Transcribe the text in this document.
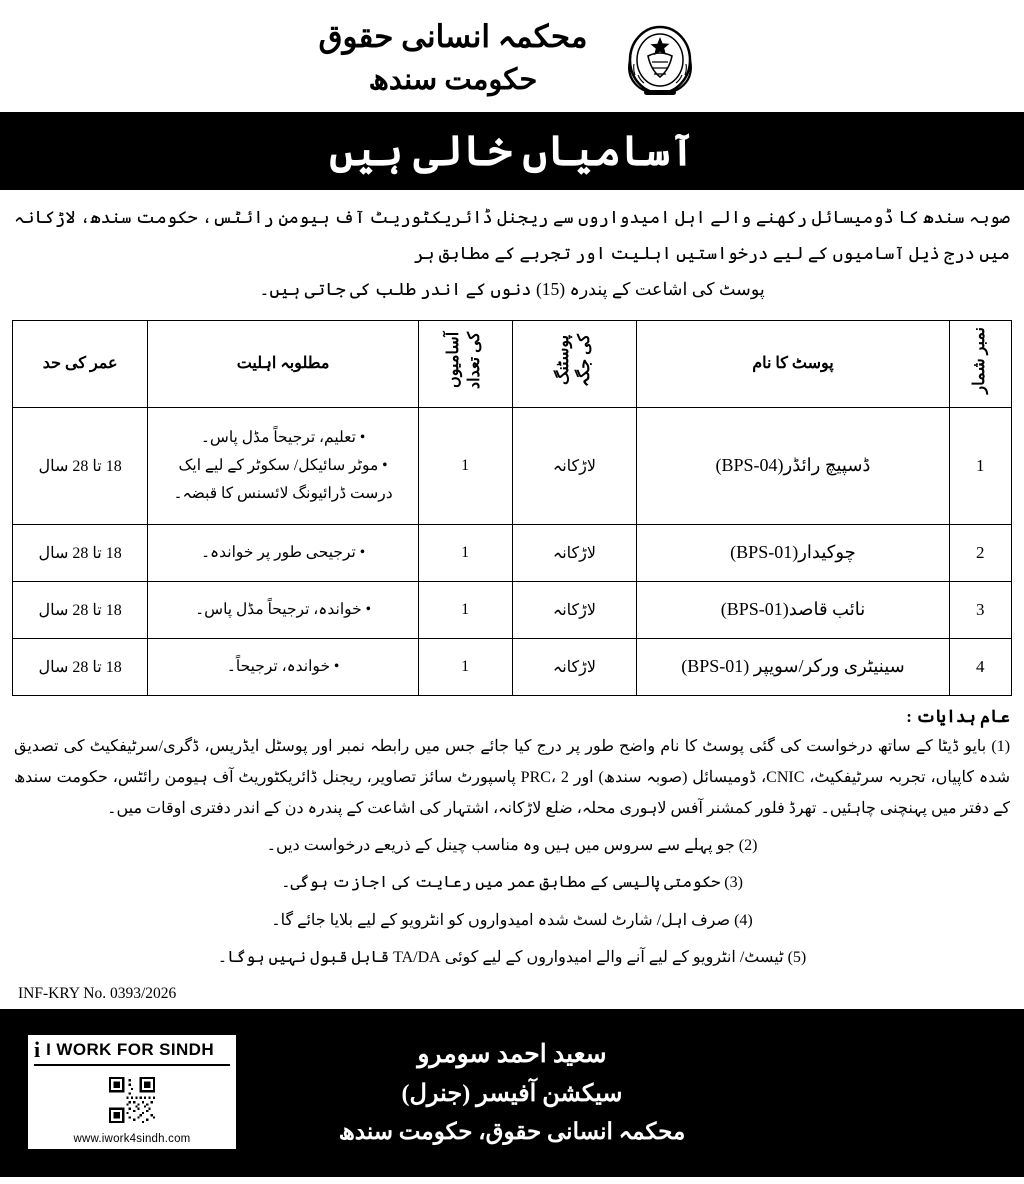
محکمہ انسانی حقوق
حکومت سندھ
آسامیاں خالی ہیں
صوبہ سندھ کا ڈومیسائل رکھنے والے اہل امیدواروں سے ریجنل ڈائریکٹوریٹ آف ہیومن رائٹس، حکومت سندھ، لاڑکانہ میں درج ذیل آسامیوں کے لیے درخواستیں اہلیت اور تجربے کے مطابق ہر
پوسٹ کی اشاعت کے پندرہ (15) دنوں کے اندر طلب کی جاتی ہیں۔
نمبر شمار	پوسٹ کا نام	پوسٹنگ کی جگہ	آسامیوں کی تعداد	مطلوبہ اہلیت	عمر کی حد
1	ڈسپیچ رائڈر(BPS-04)	لاڑکانہ	1	• تعلیم، ترجیحاً مڈل پاس۔
• موٹر سائیکل/ سکوٹر کے لیے ایک درست ڈرائیونگ لائسنس کا قبضہ۔	18 تا 28 سال
2	چوکیدار(BPS-01)	لاڑکانہ	1	• ترجیحی طور پر خواندہ۔	18 تا 28 سال
3	نائب قاصد(BPS-01)	لاڑکانہ	1	• خواندہ، ترجیحاً مڈل پاس۔	18 تا 28 سال
4	سینیٹری ورکر/سویپر (BPS-01)	لاڑکانہ	1	• خواندہ، ترجیحاً۔	18 تا 28 سال
عام ہدایات :

(1) بایو ڈیٹا کے ساتھ درخواست کی گئی پوسٹ کا نام واضح طور پر درج کیا جائے جس میں رابطہ نمبر اور پوسٹل ایڈریس، ڈگری/سرٹیفکیٹ کی تصدیق شدہ کاپیاں، تجربہ سرٹیفکیٹ، CNIC، ڈومیسائل (صوبہ سندھ) اور PRC، 2 پاسپورٹ سائز تصاویر، ریجنل ڈائریکٹوریٹ آف ہیومن رائٹس، حکومت سندھ کے دفتر میں پہنچنی چاہئیں۔ تھرڈ فلور کمشنر آفس لاہوری محلہ، ضلع لاڑکانہ، اشتہار کی اشاعت کے پندرہ دن کے اندر دفتری اوقات میں۔

(2) جو پہلے سے سروس میں ہیں وہ مناسب چینل کے ذریعے درخواست دیں۔

(3) حکومتی پالیسی کے مطابق عمر میں رعایت کی اجازت ہوگی۔

(4) صرف اہل/ شارٹ لسٹ شدہ امیدواروں کو انٹرویو کے لیے بلایا جائے گا۔

(5) ٹیسٹ/ انٹرویو کے لیے آنے والے امیدواروں کے لیے کوئی TA/DA قابل قبول نہیں ہوگا۔

INF-KRY No. 0393/2026
i I WORK FOR SINDH
www.iwork4sindh.com
سعید احمد سومرو
سیکشن آفیسر (جنرل)
محکمہ انسانی حقوق، حکومت سندھ
